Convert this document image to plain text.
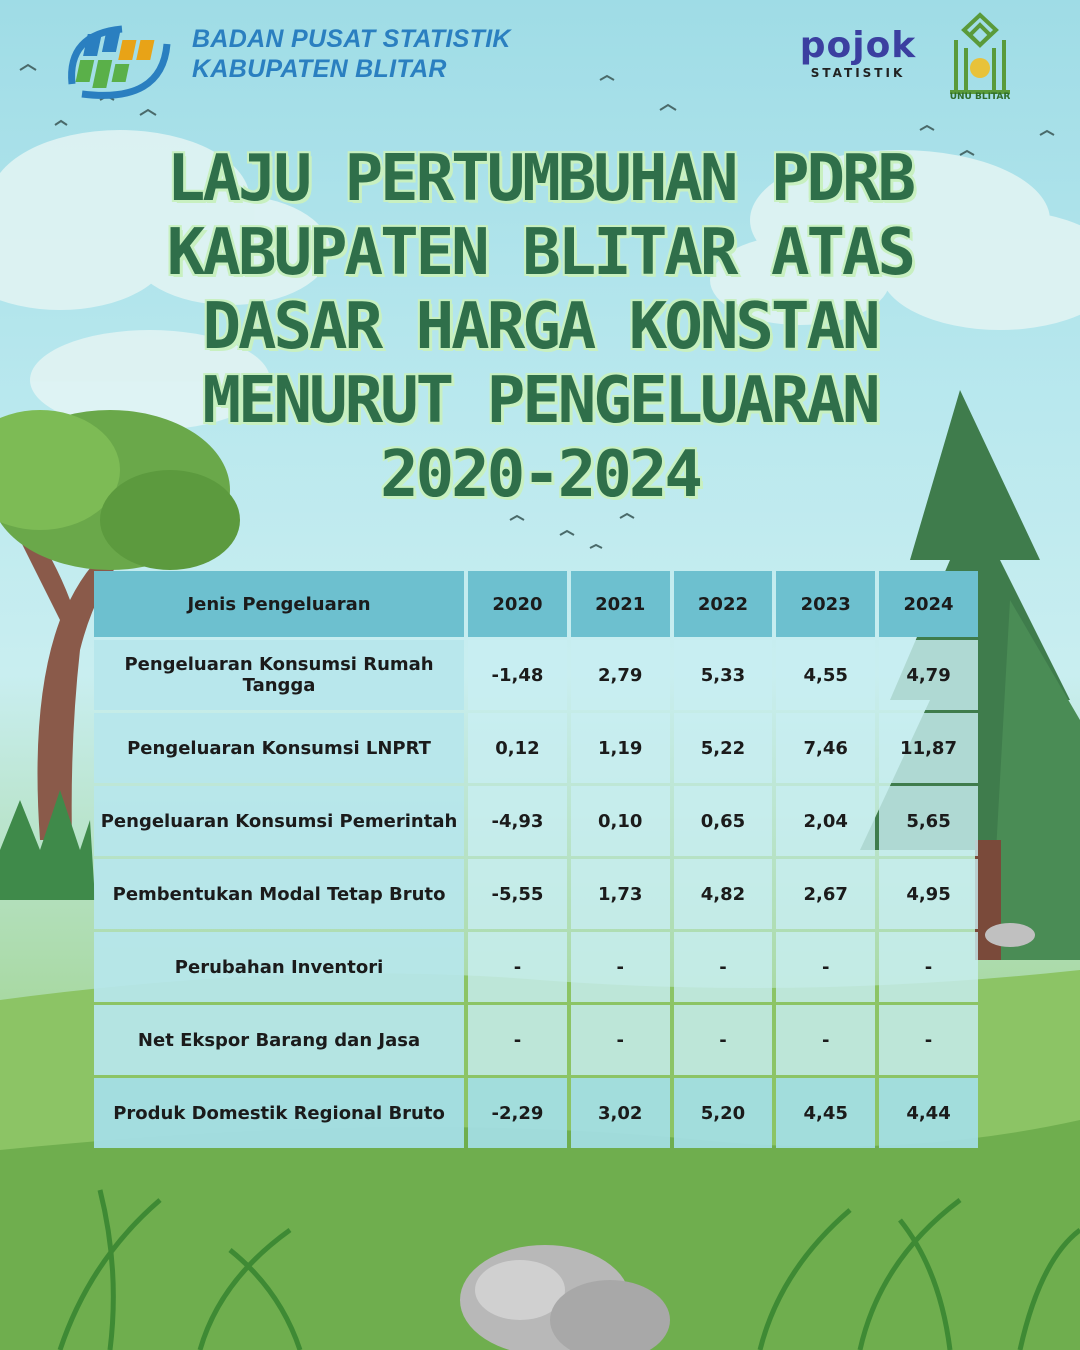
BADAN PUSAT STATISTIK
KABUPATEN BLITAR
pojok
STATISTIK
UNU BLITAR
LAJU PERTUMBUHAN PDRB
KABUPATEN BLITAR ATAS
DASAR HARGA KONSTAN
MENURUT PENGELUARAN
2020-2024
Jenis Pengeluaran	2020	2021	2022	2023	2024
Pengeluaran Konsumsi Rumah Tangga	-1,48	2,79	5,33	4,55	4,79
Pengeluaran Konsumsi LNPRT	0,12	1,19	5,22	7,46	11,87
Pengeluaran Konsumsi Pemerintah	-4,93	0,10	0,65	2,04	5,65
Pembentukan Modal Tetap Bruto	-5,55	1,73	4,82	2,67	4,95
Perubahan Inventori	-	-	-	-	-
Net Ekspor Barang dan Jasa	-	-	-	-	-
Produk Domestik Regional Bruto	-2,29	3,02	5,20	4,45	4,44
